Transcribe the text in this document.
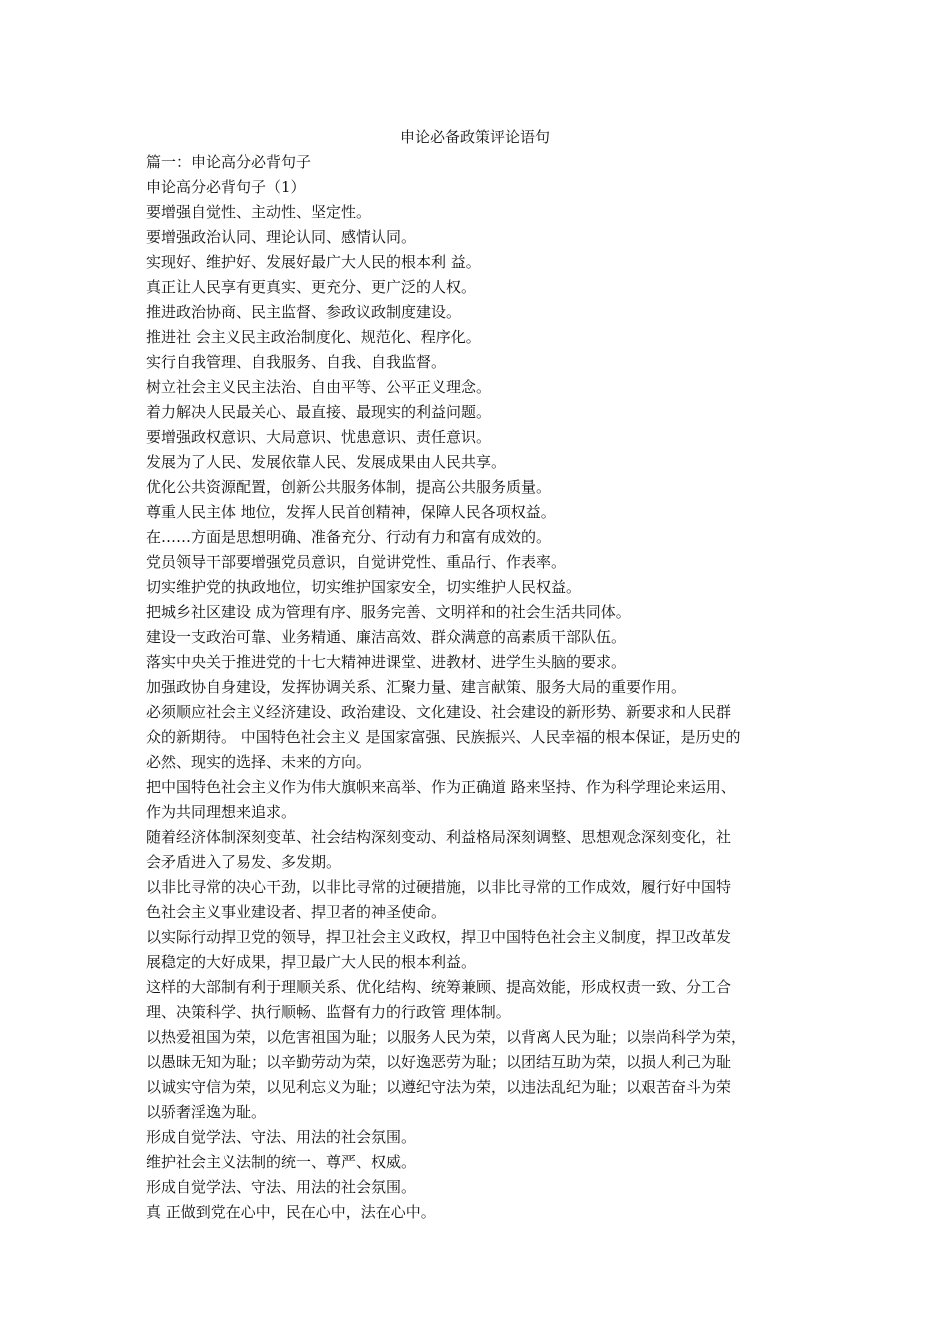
申论必备政策评论语句

篇一：申论高分必背句子

申论高分必背句子（1）

要增强自觉性、主动性、坚定性。

要增强政治认同、理论认同、感情认同。

实现好、维护好、发展好最广大人民的根本利 益。

真正让人民享有更真实、更充分、更广泛的人权。

推进政治协商、民主监督、参政议政制度建设。

推进社 会主义民主政治制度化、规范化、程序化。

实行自我管理、自我服务、自我、自我监督。

树立社会主义民主法治、自由平等、公平正义理念。

着力解决人民最关心、最直接、最现实的利益问题。

要增强政权意识、大局意识、忧患意识、责任意识。

发展为了人民、发展依靠人民、发展成果由人民共享。

优化公共资源配置，创新公共服务体制，提高公共服务质量。

尊重人民主体 地位，发挥人民首创精神，保障人民各项权益。

在……方面是思想明确、准备充分、行动有力和富有成效的。

党员领导干部要增强党员意识，自觉讲党性、重品行、作表率。

切实维护党的执政地位，切实维护国家安全，切实维护人民权益。

把城乡社区建设 成为管理有序、服务完善、文明祥和的社会生活共同体。

建设一支政治可靠、业务精通、廉洁高效、群众满意的高素质干部队伍。

落实中央关于推进党的十七大精神进课堂、进教材、进学生头脑的要求。

加强政协自身建设，发挥协调关系、汇聚力量、建言献策、服务大局的重要作用。

必须顺应社会主义经济建设、政治建设、文化建设、社会建设的新形势、新要求和人民群

众的新期待。 中国特色社会主义 是国家富强、民族振兴、人民幸福的根本保证，是历史的

必然、现实的选择、未来的方向。

把中国特色社会主义作为伟大旗帜来高举、作为正确道 路来坚持、作为科学理论来运用、

作为共同理想来追求。

随着经济体制深刻变革、社会结构深刻变动、利益格局深刻调整、思想观念深刻变化，社

会矛盾进入了易发、多发期。

以非比寻常的决心干劲，以非比寻常的过硬措施，以非比寻常的工作成效，履行好中国特

色社会主义事业建设者、捍卫者的神圣使命。

以实际行动捍卫党的领导，捍卫社会主义政权，捍卫中国特色社会主义制度，捍卫改革发

展稳定的大好成果，捍卫最广大人民的根本利益。

这样的大部制有利于理顺关系、优化结构、统筹兼顾、提高效能，形成权责一致、分工合

理、决策科学、执行顺畅、监督有力的行政管 理体制。

以热爱祖国为荣，以危害祖国为耻；以服务人民为荣，以背离人民为耻；以崇尚科学为荣，

以愚昧无知为耻；以辛勤劳动为荣，以好逸恶劳为耻；以团结互助为荣，以损人利己为耻

以诚实守信为荣，以见利忘义为耻；以遵纪守法为荣，以违法乱纪为耻；以艰苦奋斗为荣

以骄奢淫逸为耻。

形成自觉学法、守法、用法的社会氛围。

维护社会主义法制的统一、尊严、权威。

形成自觉学法、守法、用法的社会氛围。

真 正做到党在心中，民在心中，法在心中。
